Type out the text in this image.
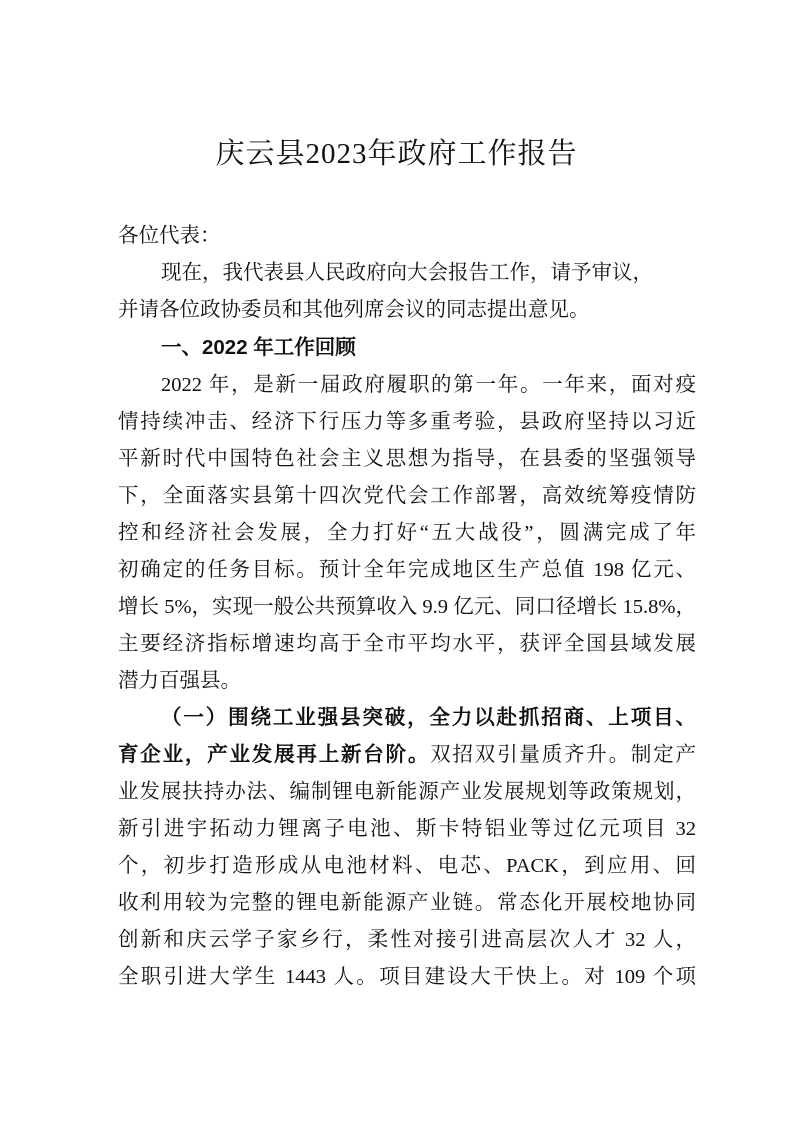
庆云县2023年政府工作报告
各位代表：
现在，我代表县人民政府向大会报告工作，请予审议，
并请各位政协委员和其他列席会议的同志提出意见。
一、2022 年工作回顾
2022 年，是新一届政府履职的第一年。一年来，面对疫
情持续冲击、经济下行压力等多重考验，县政府坚持以习近
平新时代中国特色社会主义思想为指导，在县委的坚强领导
下，全面落实县第十四次党代会工作部署，高效统筹疫情防
控和经济社会发展，全力打好“五大战役”，圆满完成了年
初确定的任务目标。预计全年完成地区生产总值 198 亿元、
增长 5%，实现一般公共预算收入 9.9 亿元、同口径增长 15.8%，
主要经济指标增速均高于全市平均水平，获评全国县域发展
潜力百强县。
（一）围绕工业强县突破，全力以赴抓招商、上项目、
育企业，产业发展再上新台阶。双招双引量质齐升。制定产
业发展扶持办法、编制锂电新能源产业发展规划等政策规划，
新引进宇拓动力锂离子电池、斯卡特铝业等过亿元项目 32
个，初步打造形成从电池材料、电芯、PACK，到应用、回
收利用较为完整的锂电新能源产业链。常态化开展校地协同
创新和庆云学子家乡行，柔性对接引进高层次人才 32 人，
全职引进大学生 1443 人。项目建设大干快上。对 109 个项
